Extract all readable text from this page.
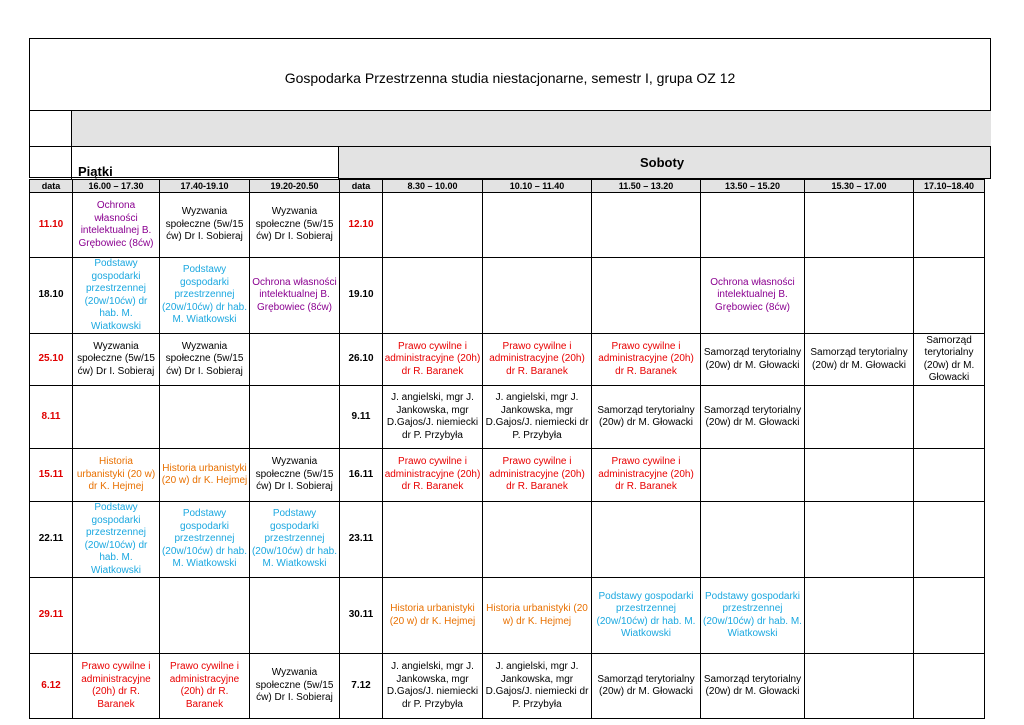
Gospodarka Przestrzenna studia niestacjonarne, semestr I, grupa OZ 12
Piątki
Soboty
data	16.00 – 17.30	17.40-19.10	19.20-20.50	data	8.30 – 10.00	10.10 – 11.40	11.50 – 13.20	13.50 – 15.20	15.30 – 17.00	17.10–18.40
11.10	Ochrona własności intelektualnej B. Grębowiec (8ćw)	Wyzwania społeczne (5w/15 ćw) Dr I. Sobieraj	Wyzwania społeczne (5w/15 ćw) Dr I. Sobieraj	12.10						
18.10	Podstawy gospodarki przestrzennej (20w/10ćw) dr hab. M. Wiatkowski	Podstawy gospodarki przestrzennej (20w/10ćw) dr hab. M. Wiatkowski	Ochrona własności intelektualnej B. Grębowiec (8ćw)	19.10				Ochrona własności intelektualnej B. Grębowiec (8ćw)		
25.10	Wyzwania społeczne (5w/15 ćw) Dr I. Sobieraj	Wyzwania społeczne (5w/15 ćw) Dr I. Sobieraj		26.10	Prawo cywilne i administracyjne (20h) dr R. Baranek	Prawo cywilne i administracyjne (20h) dr R. Baranek	Prawo cywilne i administracyjne (20h) dr R. Baranek	Samorząd terytorialny (20w) dr M. Głowacki	Samorząd terytorialny (20w) dr M. Głowacki	Samorząd terytorialny (20w) dr M. Głowacki
8.11				9.11	J. angielski, mgr J. Jankowska, mgr D.Gajos/J. niemiecki dr P. Przybyła	J. angielski, mgr J. Jankowska, mgr D.Gajos/J. niemiecki dr P. Przybyła	Samorząd terytorialny (20w) dr M. Głowacki	Samorząd terytorialny (20w) dr M. Głowacki		
15.11	Historia urbanistyki (20 w) dr K. Hejmej	Historia urbanistyki (20 w) dr K. Hejmej	Wyzwania społeczne (5w/15 ćw) Dr I. Sobieraj	16.11	Prawo cywilne i administracyjne (20h) dr R. Baranek	Prawo cywilne i administracyjne (20h) dr R. Baranek	Prawo cywilne i administracyjne (20h) dr R. Baranek			
22.11	Podstawy gospodarki przestrzennej (20w/10ćw) dr hab. M. Wiatkowski	Podstawy gospodarki przestrzennej (20w/10ćw) dr hab. M. Wiatkowski	Podstawy gospodarki przestrzennej (20w/10ćw) dr hab. M. Wiatkowski	23.11						
29.11				30.11	Historia urbanistyki (20 w) dr K. Hejmej	Historia urbanistyki (20 w) dr K. Hejmej	Podstawy gospodarki przestrzennej (20w/10ćw) dr hab. M. Wiatkowski	Podstawy gospodarki przestrzennej (20w/10ćw) dr hab. M. Wiatkowski		
6.12	Prawo cywilne i administracyjne (20h) dr R. Baranek	Prawo cywilne i administracyjne (20h) dr R. Baranek	Wyzwania społeczne (5w/15 ćw) Dr I. Sobieraj	7.12	J. angielski, mgr J. Jankowska, mgr D.Gajos/J. niemiecki dr P. Przybyła	J. angielski, mgr J. Jankowska, mgr D.Gajos/J. niemiecki dr P. Przybyła	Samorząd terytorialny (20w) dr M. Głowacki	Samorząd terytorialny (20w) dr M. Głowacki		
